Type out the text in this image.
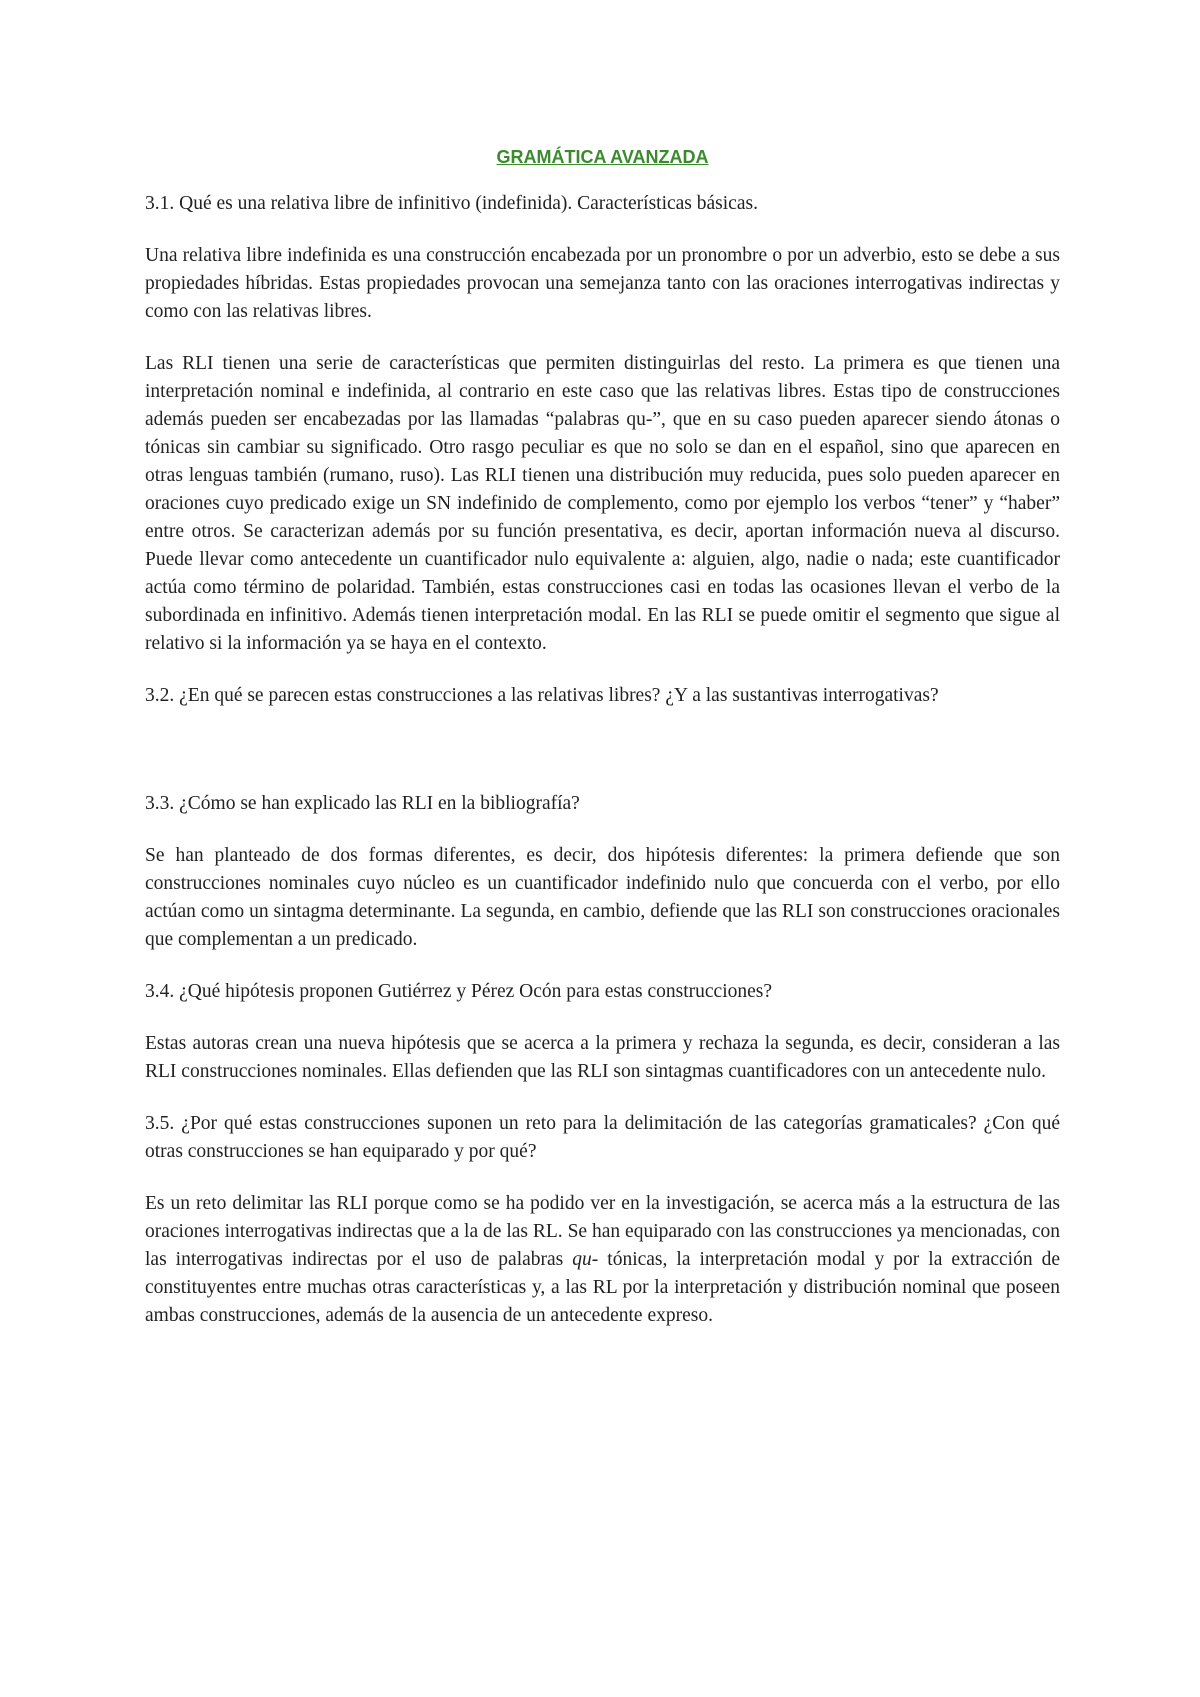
GRAMÁTICA AVANZADA

3.1. Qué es una relativa libre de infinitivo (indefinida). Características básicas.

Una relativa libre indefinida es una construcción encabezada por un pronombre o por un adverbio, esto se debe a sus propiedades híbridas. Estas propiedades provocan una semejanza tanto con las oraciones interrogativas indirectas y como con las relativas libres.

Las RLI tienen una serie de características que permiten distinguirlas del resto. La primera es que tienen una interpretación nominal e indefinida, al contrario en este caso que las relativas libres. Estas tipo de construcciones además pueden ser encabezadas por las llamadas “palabras qu-”, que en su caso pueden aparecer siendo átonas o tónicas sin cambiar su significado. Otro rasgo peculiar es que no solo se dan en el español, sino que aparecen en otras lenguas también (rumano, ruso). Las RLI tienen una distribución muy reducida, pues solo pueden aparecer en oraciones cuyo predicado exige un SN indefinido de complemento, como por ejemplo los verbos “tener” y “haber” entre otros. Se caracterizan además por su función presentativa, es decir, aportan información nueva al discurso. Puede llevar como antecedente un cuantificador nulo equivalente a: alguien, algo, nadie o nada; este cuantificador actúa como término de polaridad. También, estas construcciones casi en todas las ocasiones llevan el verbo de la subordinada en infinitivo. Además tienen interpretación modal. En las RLI se puede omitir el segmento que sigue al relativo si la información ya se haya en el contexto.

3.2. ¿En qué se parecen estas construcciones a las relativas libres? ¿Y a las sustantivas interrogativas?

3.3. ¿Cómo se han explicado las RLI en la bibliografía?

Se han planteado de dos formas diferentes, es decir, dos hipótesis diferentes: la primera defiende que son construcciones nominales cuyo núcleo es un cuantificador indefinido nulo que concuerda con el verbo, por ello actúan como un sintagma determinante. La segunda, en cambio, defiende que las RLI son construcciones oracionales que complementan a un predicado.

3.4. ¿Qué hipótesis proponen Gutiérrez y Pérez Ocón para estas construcciones?

Estas autoras crean una nueva hipótesis que se acerca a la primera y rechaza la segunda, es decir, consideran a las RLI construcciones nominales. Ellas defienden que las RLI son sintagmas cuantificadores con un antecedente nulo.

3.5. ¿Por qué estas construcciones suponen un reto para la delimitación de las categorías gramaticales? ¿Con qué otras construcciones se han equiparado y por qué?

Es un reto delimitar las RLI porque como se ha podido ver en la investigación, se acerca más a la estructura de las oraciones interrogativas indirectas que a la de las RL. Se han equiparado con las construcciones ya mencionadas, con las interrogativas indirectas por el uso de palabras qu- tónicas, la interpretación modal y por la extracción de constituyentes entre muchas otras características y, a las RL por la interpretación y distribución nominal que poseen ambas construcciones, además de la ausencia de un antecedente expreso.
